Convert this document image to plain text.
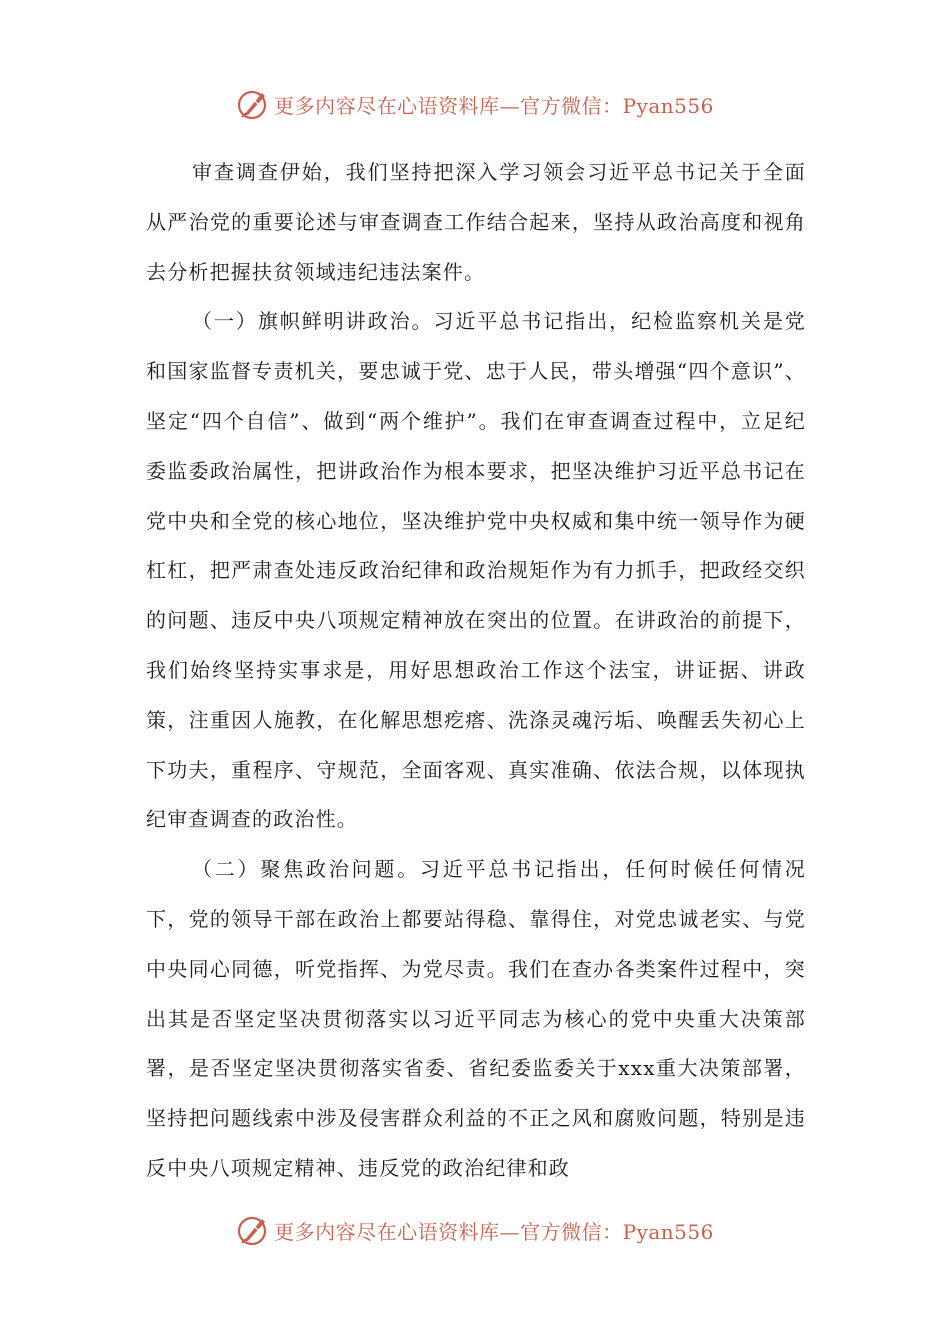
更多内容尽在心语资料库—官方微信：Pyan556

审查调查伊始，我们坚持把深入学习领会习近平总书记关于全面从严治党的重要论述与审查调查工作结合起来，坚持从政治高度和视角去分析把握扶贫领域违纪违法案件。

（一）旗帜鲜明讲政治。习近平总书记指出，纪检监察机关是党和国家监督专责机关，要忠诚于党、忠于人民，带头增强“四个意识”、坚定“四个自信”、做到“两个维护”。我们在审查调查过程中，立足纪委监委政治属性，把讲政治作为根本要求，把坚决维护习近平总书记在党中央和全党的核心地位，坚决维护党中央权威和集中统一领导作为硬杠杠，把严肃查处违反政治纪律和政治规矩作为有力抓手，把政经交织的问题、违反中央八项规定精神放在突出的位置。在讲政治的前提下，我们始终坚持实事求是，用好思想政治工作这个法宝，讲证据、讲政策，注重因人施教，在化解思想疙瘩、洗涤灵魂污垢、唤醒丢失初心上下功夫，重程序、守规范，全面客观、真实准确、依法合规，以体现执纪审查调查的政治性。

（二）聚焦政治问题。习近平总书记指出，任何时候任何情况下，党的领导干部在政治上都要站得稳、靠得住，对党忠诚老实、与党中央同心同德，听党指挥、为党尽责。我们在查办各类案件过程中，突出其是否坚定坚决贯彻落实以习近平同志为核心的党中央重大决策部署，是否坚定坚决贯彻落实省委、省纪委监委关于xxx重大决策部署，坚持把问题线索中涉及侵害群众利益的不正之风和腐败问题，特别是违反中央八项规定精神、违反党的政治纪律和政

更多内容尽在心语资料库—官方微信：Pyan556
